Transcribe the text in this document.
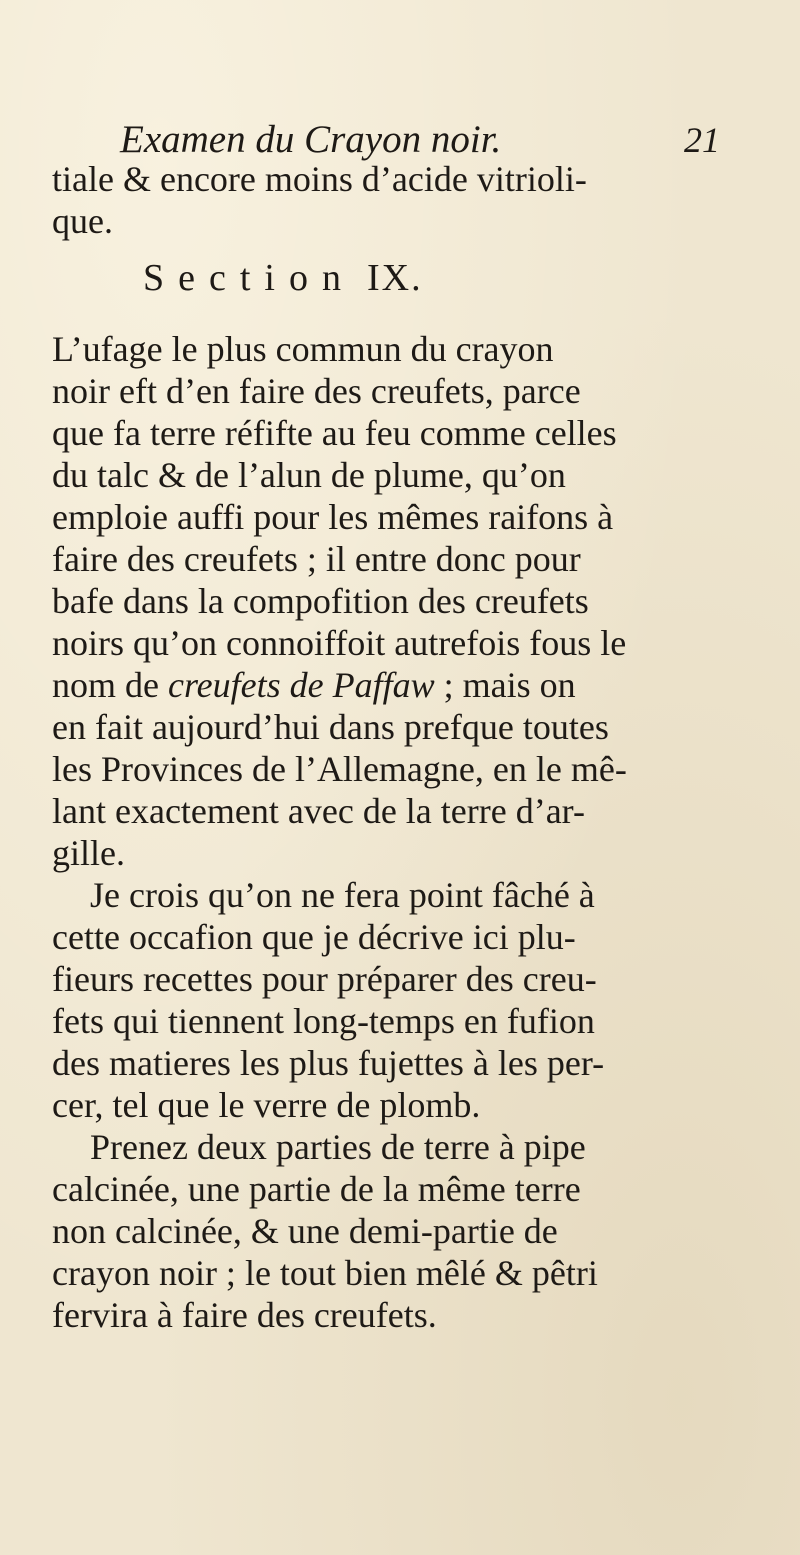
Examen du Crayon noir.	21
tiale & encore moins d’acide vitrioli-
que.
Section IX.
L’ufage le plus commun du crayon
noir eft d’en faire des creufets, parce
que fa terre réfifte au feu comme celles
du talc & de l’alun de plume, qu’on
emploie auffi pour les mêmes raifons à
faire des creufets ; il entre donc pour
bafe dans la compofition des creufets
noirs qu’on connoiffoit autrefois fous le
nom de creufets de Paffaw ; mais on
en fait aujourd’hui dans prefque toutes
les Provinces de l’Allemagne, en le mê-
lant exactement avec de la terre d’ar-
gille.
Je crois qu’on ne fera point fâché à
cette occafion que je décrive ici plu-
fieurs recettes pour préparer des creu-
fets qui tiennent long-temps en fufion
des matieres les plus fujettes à les per-
cer, tel que le verre de plomb.
Prenez deux parties de terre à pipe
calcinée, une partie de la même terre
non calcinée, & une demi-partie de
crayon noir ; le tout bien mêlé & pêtri
fervira à faire des creufets.
